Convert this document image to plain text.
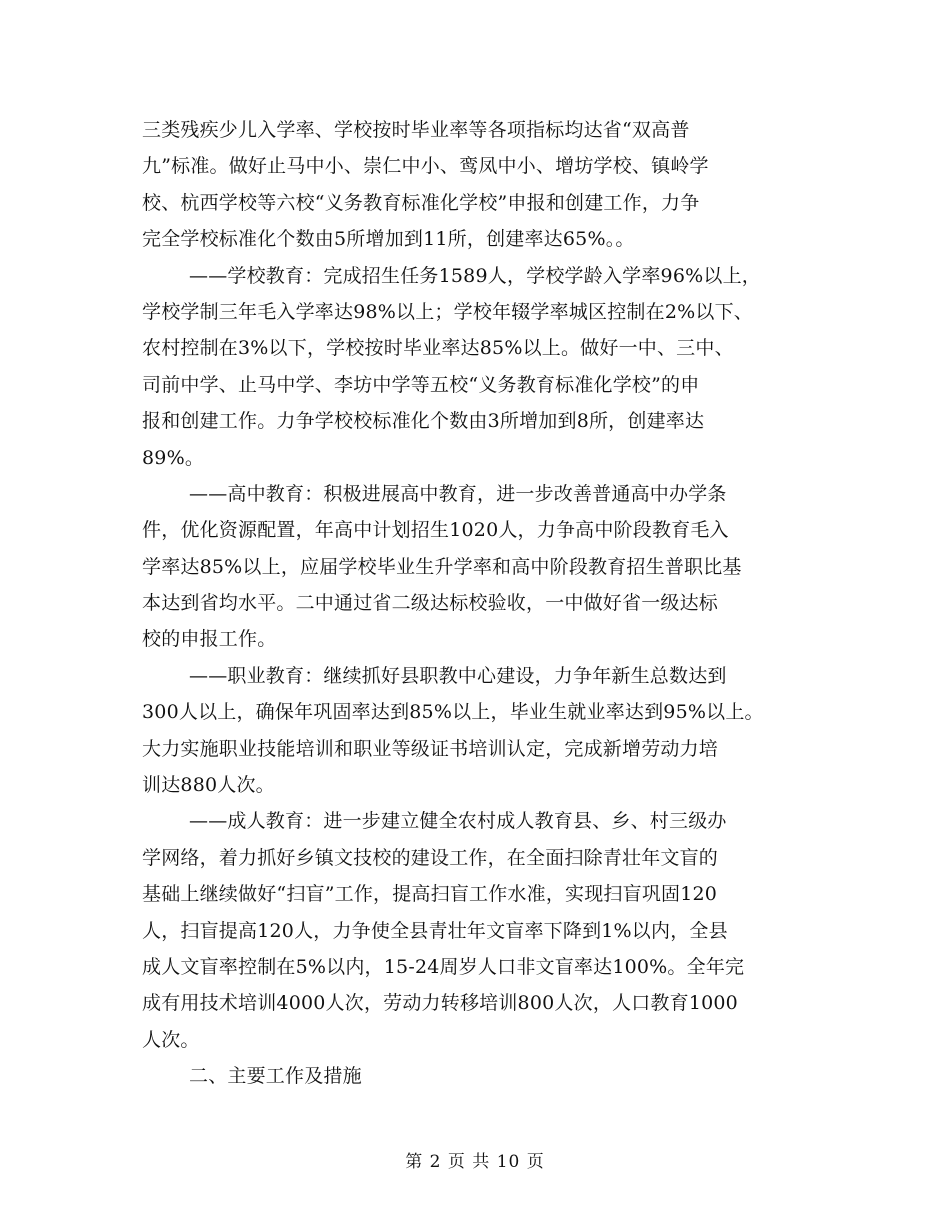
三类残疾少儿入学率、学校按时毕业率等各项指标均达省“双高普
九”标准。做好止马中小、崇仁中小、鸾凤中小、增坊学校、镇岭学
校、杭西学校等六校“义务教育标准化学校”申报和创建工作，力争
完全学校标准化个数由5所增加到11所，创建率达65%。。
——学校教育：完成招生任务1589人，学校学龄入学率96%以上，
学校学制三年毛入学率达98%以上；学校年辍学率城区控制在2%以下、
农村控制在3%以下，学校按时毕业率达85%以上。做好一中、三中、
司前中学、止马中学、李坊中学等五校“义务教育标准化学校”的申
报和创建工作。力争学校校标准化个数由3所增加到8所，创建率达
89%。
——高中教育：积极进展高中教育，进一步改善普通高中办学条
件，优化资源配置，年高中计划招生1020人，力争高中阶段教育毛入
学率达85%以上，应届学校毕业生升学率和高中阶段教育招生普职比基
本达到省均水平。二中通过省二级达标校验收，一中做好省一级达标
校的申报工作。
——职业教育：继续抓好县职教中心建设，力争年新生总数达到
300人以上，确保年巩固率达到85%以上，毕业生就业率达到95%以上。
大力实施职业技能培训和职业等级证书培训认定，完成新增劳动力培
训达880人次。
——成人教育：进一步建立健全农村成人教育县、乡、村三级办
学网络，着力抓好乡镇文技校的建设工作，在全面扫除青壮年文盲的
基础上继续做好“扫盲”工作，提高扫盲工作水准，实现扫盲巩固120
人，扫盲提高120人，力争使全县青壮年文盲率下降到1%以内，全县
成人文盲率控制在5%以内，15-24周岁人口非文盲率达100%。全年完
成有用技术培训4000人次，劳动力转移培训800人次，人口教育1000
人次。
二、主要工作及措施
第 2 页 共 10 页
